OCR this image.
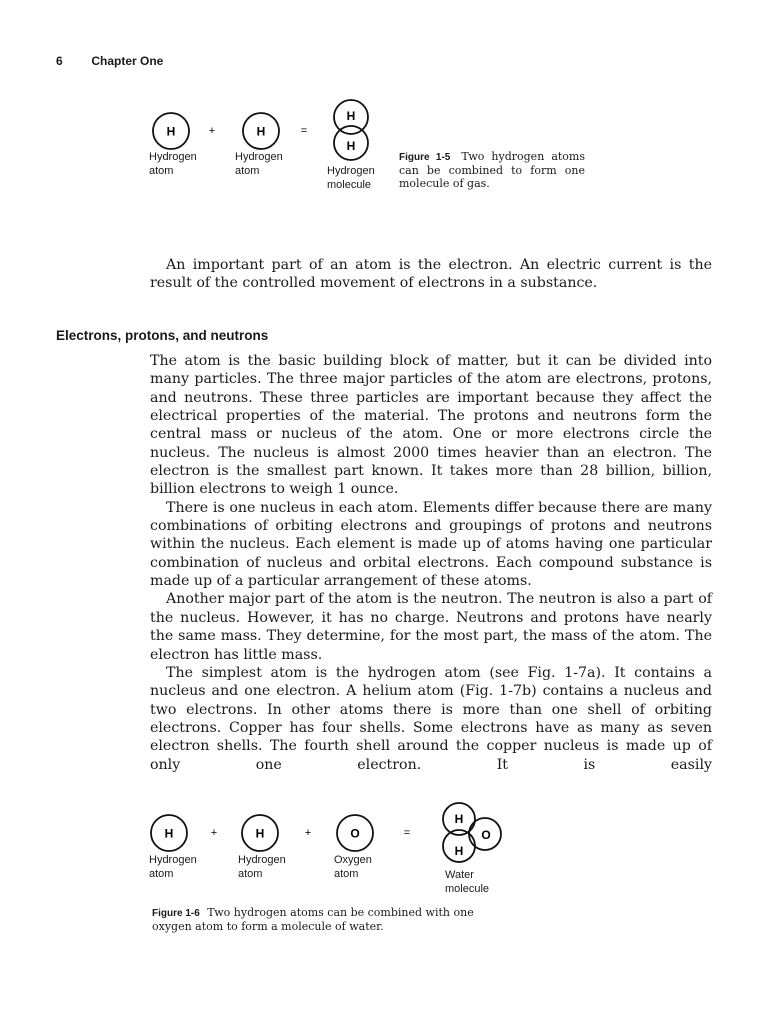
6 Chapter One
H	+	H	=
H
H
Hydrogen
atom
Hydrogen
atom	Hydrogen
molecule
Figure 1-5 Two hydrogen atoms can be combined to form one molecule of gas.
An important part of an atom is the electron. An electric current is the result of the controlled movement of electrons in a substance.
Electrons, protons, and neutrons

The atom is the basic building block of matter, but it can be divided into many particles. The three major particles of the atom are electrons, protons, and neutrons. These three particles are important because they affect the electrical properties of the material. The protons and neutrons form the central mass or nucleus of the atom. One or more electrons circle the nucleus. The nucleus is almost 2000 times heavier than an electron. The electron is the smallest part known. It takes more than 28 billion, billion, billion electrons to weigh 1 ounce.

There is one nucleus in each atom. Elements differ because there are many combinations of orbiting electrons and groupings of protons and neutrons within the nucleus. Each element is made up of atoms having one particular combination of nucleus and orbital electrons. Each compound substance is made up of a particular arrangement of these atoms.

Another major part of the atom is the neutron. The neutron is also a part of the nucleus. However, it has no charge. Neutrons and protons have nearly the same mass. They determine, for the most part, the mass of the atom. The electron has little mass.

The simplest atom is the hydrogen atom (see Fig. 1-7a). It contains a nucleus and one electron. A helium atom (Fig. 1-7b) contains a nucleus and two electrons. In other atoms there is more than one shell of orbiting electrons. Copper has four shells. Some electrons have as many as seven electron shells. The fourth shell around the copper nucleus is made up of only one electron. It is easily

H	+	H	+	O	=
H
H
O
Hydrogen
atom
Hydrogen
atom
Oxygen
atom	Water
molecule
Figure 1-6 Two hydrogen atoms can be combined with one oxygen atom to form a molecule of water.
